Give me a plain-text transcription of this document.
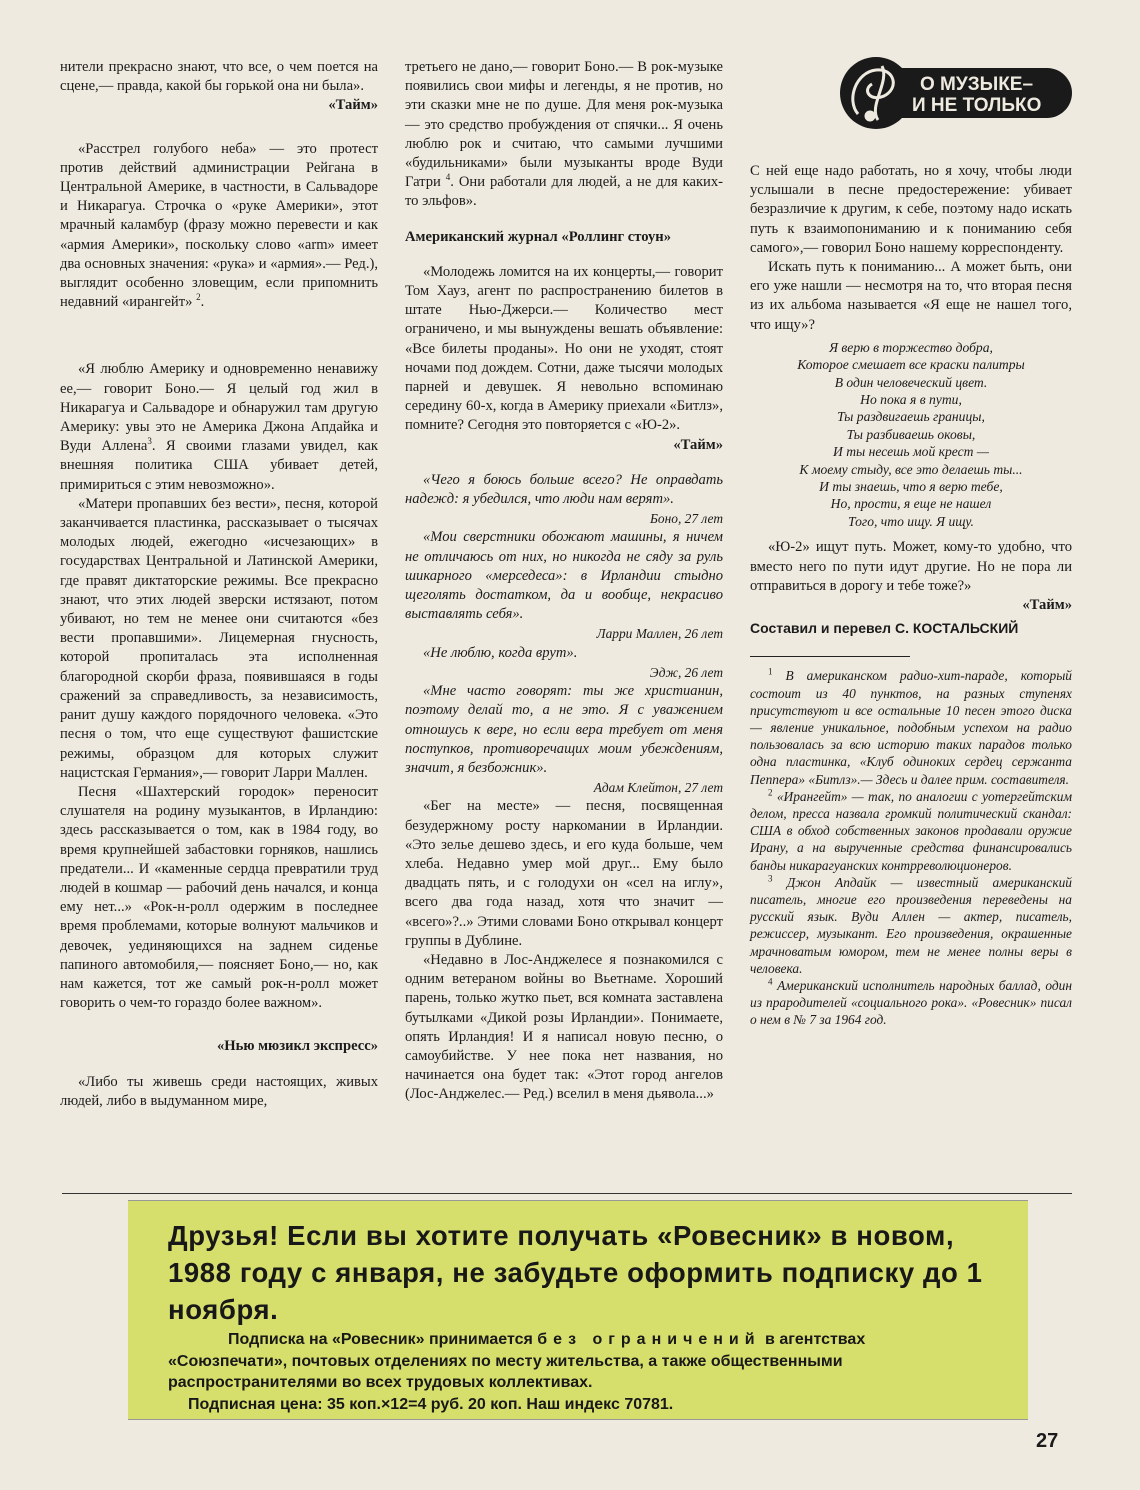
О МУЗЫКЕ–
И НЕ ТОЛЬКО

нители прекрасно знают, что все, о чем поется на сцене,— правда, какой бы горькой она ни была».

«Тайм»

«Расстрел голубого неба» — это протест против действий администрации Рейгана в Центральной Америке, в частности, в Сальвадоре и Никарагуа. Строчка о «руке Америки», этот мрачный каламбур (фразу можно перевести и как «армия Америки», поскольку слово «arm» имеет два основных значения: «рука» и «армия».— Ред.), выглядит особенно зловещим, если припомнить недавний «ирангейт» $^2$.

«Я люблю Америку и одновременно ненавижу ее,— говорит Боно.— Я целый год жил в Никарагуа и Сальвадоре и обнаружил там другую Америку: увы это не Америка Джона Апдайка и Вуди Аллена$^3$. Я своими глазами увидел, как внешняя политика США убивает детей, примириться с этим невозможно».

«Матери пропавших без вести», песня, которой заканчивается пластинка, рассказывает о тысячах молодых людей, ежегодно «исчезающих» в государствах Центральной и Латинской Америки, где правят диктаторские режимы. Все прекрасно знают, что этих людей зверски истязают, потом убивают, но тем не менее они считаются «без вести пропавшими». Лицемерная гнусность, которой пропиталась эта исполненная благородной скорби фраза, появившаяся в годы сражений за справедливость, за независимость, ранит душу каждого порядочного человека. «Это песня о том, что еще существуют фашистские режимы, образцом для которых служит нацистская Германия»,— говорит Ларри Маллен.

Песня «Шахтерский городок» переносит слушателя на родину музыкантов, в Ирландию: здесь рассказывается о том, как в 1984 году, во время крупнейшей забастовки горняков, нашлись предатели... И «каменные сердца превратили труд людей в кошмар — рабочий день начался, и конца ему нет...» «Рок-н-ролл одержим в последнее время проблемами, которые волнуют мальчиков и девочек, уединяющихся на заднем сиденье папиного автомобиля,— поясняет Боно,— но, как нам кажется, тот же самый рок-н-ролл может говорить о чем-то гораздо более важном».

«Нью мюзикл экспресс»

«Либо ты живешь среди настоящих, живых людей, либо в выдуманном мире,

третьего не дано,— говорит Боно.— В рок-музыке появились свои мифы и легенды, я не против, но эти сказки мне не по душе. Для меня рок-музыка — это средство пробуждения от спячки... Я очень люблю рок и считаю, что самыми лучшими «будильниками» были музыканты вроде Вуди Гатри $^4$. Они работали для людей, а не для каких-то эльфов».

Американский журнал «Роллинг стоун»

«Молодежь ломится на их концерты,— говорит Том Хауз, агент по распространению билетов в штате Нью-Джерси.— Количество мест ограничено, и мы вынуждены вешать объявление: «Все билеты проданы». Но они не уходят, стоят ночами под дождем. Сотни, даже тысячи молодых парней и девушек. Я невольно вспоминаю середину 60-х, когда в Америку приехали «Битлз», помните? Сегодня это повторяется с «Ю-2».

«Тайм»

«Чего я боюсь больше всего? Не оправдать надежд: я убедился, что люди нам верят».

Боно, 27 лет

«Мои сверстники обожают машины, я ничем не отличаюсь от них, но никогда не сяду за руль шикарного «мерседеса»: в Ирландии стыдно щеголять достатком, да и вообще, некрасиво выставлять себя».

Ларри Маллен, 26 лет

«Не люблю, когда врут».

Эдж, 26 лет

«Мне часто говорят: ты же христианин, поэтому делай то, а не это. Я с уважением отношусь к вере, но если вера требует от меня поступков, противоречащих моим убеждениям, значит, я безбожник».

Адам Клейтон, 27 лет

«Бег на месте» — песня, посвященная безудержному росту наркомании в Ирландии. «Это зелье дешево здесь, и его куда больше, чем хлеба. Недавно умер мой друг... Ему было двадцать пять, и с голодухи он «сел на иглу», всего два года назад, хотя что значит — «всего»?..» Этими словами Боно открывал концерт группы в Дублине.

«Недавно в Лос-Анджелесе я познакомился с одним ветераном войны во Вьетнаме. Хороший парень, только жутко пьет, вся комната заставлена бутылками «Дикой розы Ирландии». Понимаете, опять Ирландия! И я написал новую песню, о самоубийстве. У нее пока нет названия, но начинается она будет так: «Этот город ангелов (Лос-Анджелес.— Ред.) вселил в меня дьявола...»

С ней еще надо работать, но я хочу, чтобы люди услышали в песне предостережение: убивает безразличие к другим, к себе, поэтому надо искать путь к взаимопониманию и к пониманию себя самого»,— говорил Боно нашему корреспонденту.

Искать путь к пониманию... А может быть, они его уже нашли — несмотря на то, что вторая песня из их альбома называется «Я еще не нашел того, что ищу»?

Я верю в торжество добра,
Которое смешает все краски палитры
В один человеческий цвет.
Но пока я в пути,
Ты раздвигаешь границы,
Ты разбиваешь оковы,
И ты несешь мой крест —
К моему стыду, все это делаешь ты...
И ты знаешь, что я верю тебе,
Но, прости, я еще не нашел
Того, что ищу. Я ищу.

«Ю-2» ищут путь. Может, кому-то удобно, что вместо него по пути идут другие. Но не пора ли отправиться в дорогу и тебе тоже?»

«Тайм»

Составил и перевел С. КОСТАЛЬСКИЙ

$^1$ В американском радио-хит-параде, который состоит из 40 пунктов, на разных ступенях присутствуют и все остальные 10 песен этого диска — явление уникальное, подобным успехом на радио пользовалась за всю историю таких парадов только одна пластинка, «Клуб одиноких сердец сержанта Пеппера» «Битлз».— Здесь и далее прим. составителя.

$^2$ «Ирангейт» — так, по аналогии с уотергейтским делом, пресса назвала громкий политический скандал: США в обход собственных законов продавали оружие Ирану, а на вырученные средства финансировались банды никарагуанских контрреволюционеров.

$^3$ Джон Апдайк — известный американский писатель, многие его произведения переведены на русский язык. Вуди Аллен — актер, писатель, режиссер, музыкант. Его произведения, окрашенные мрачноватым юмором, тем не менее полны веры в человека.

$^4$ Американский исполнитель народных баллад, один из прародителей «социального рока». «Ровесник» писал о нем в № 7 за 1964 год.

Друзья! Если вы хотите получать «Ровесник» в новом, 1988 году с января, не забудьте оформить подписку до 1 ноября.
Подписка на «Ровесник» принимается без ограничений в агентствах
«Союзпечати», почтовых отделениях по месту жительства, а также общественными распространителями во всех трудовых коллективах.
Подписная цена: 35 коп.×12=4 руб. 20 коп. Наш индекс 70781.
27
